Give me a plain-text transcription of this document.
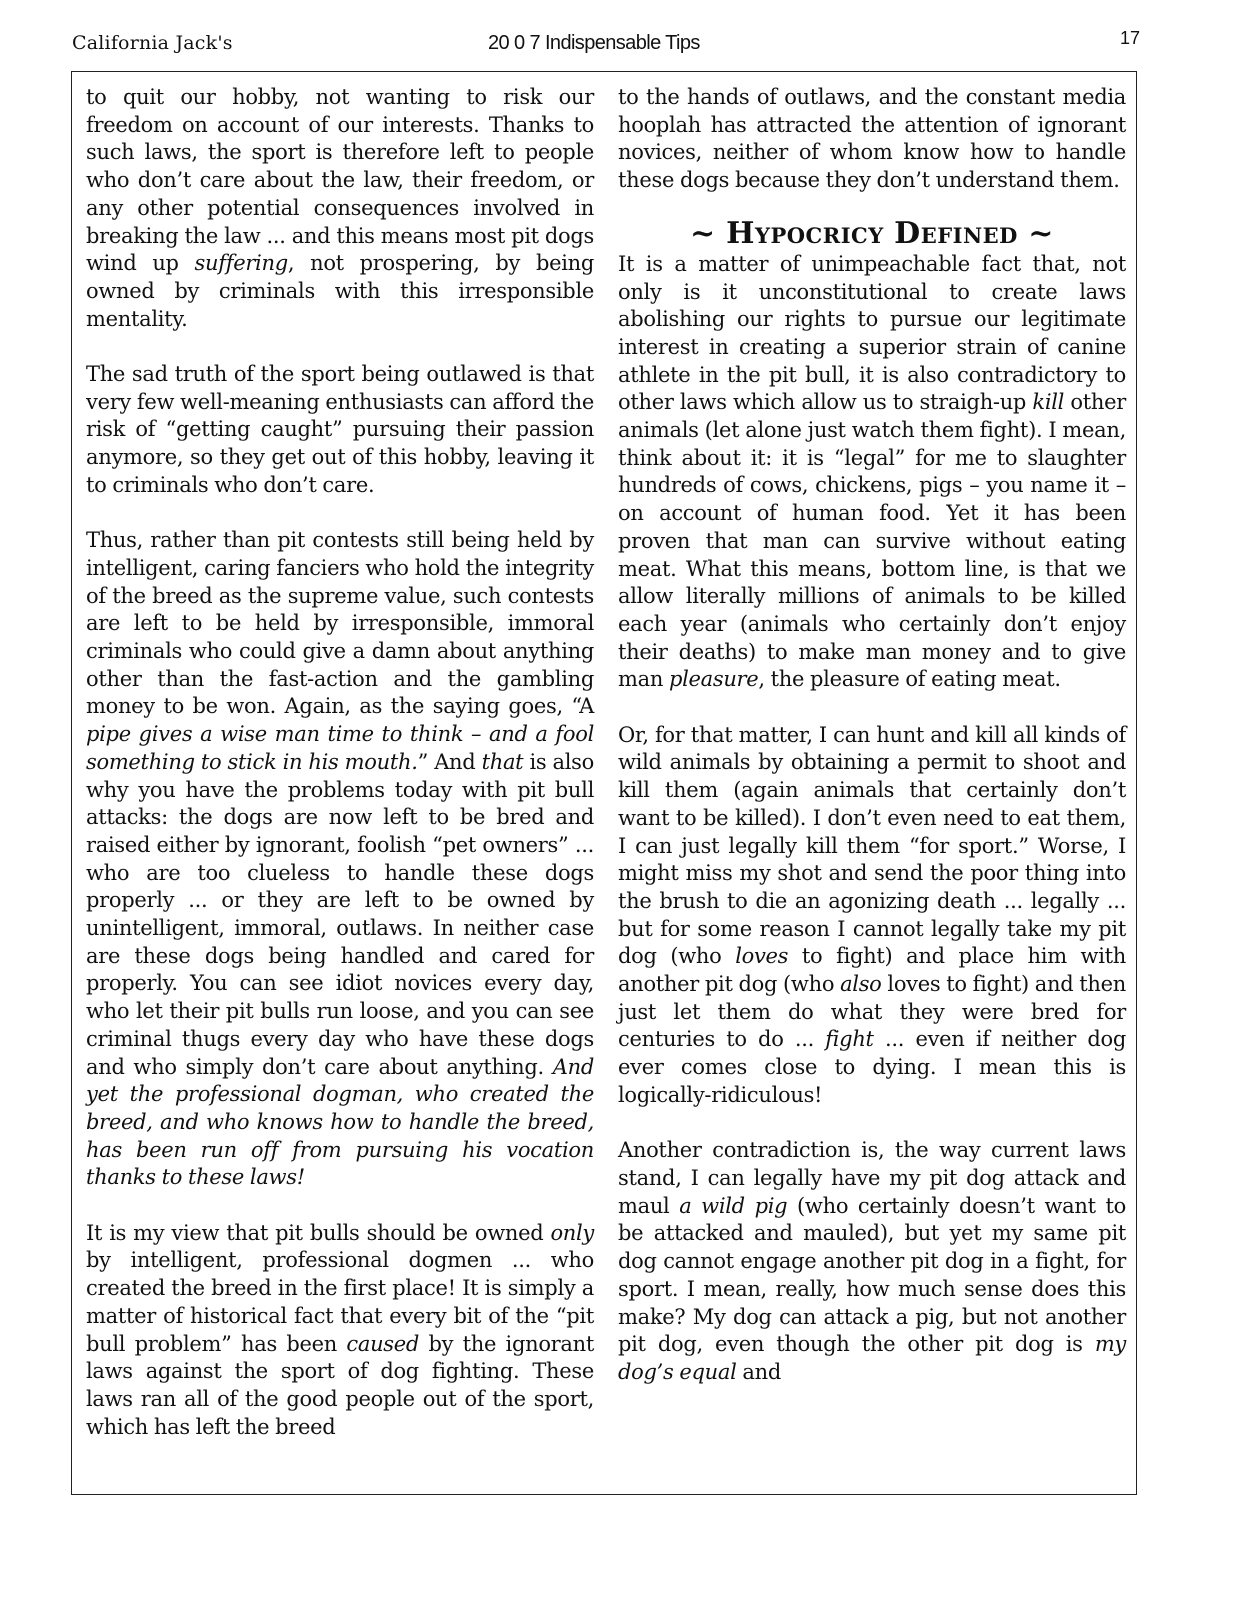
California Jack's	20 0 7 Indispensable Tips	17

to quit our hobby, not wanting to risk our freedom on account of our interests. Thanks to such laws, the sport is therefore left to people who don’t care about the law, their freedom, or any other potential consequences involved in breaking the law ... and this means most pit dogs wind up suffering, not prospering, by being owned by criminals with this irresponsible mentality.

The sad truth of the sport being outlawed is that very few well-meaning enthusiasts can afford the risk of “getting caught” pursuing their passion anymore, so they get out of this hobby, leaving it to criminals who don’t care.

Thus, rather than pit contests still being held by intelligent, caring fanciers who hold the integrity of the breed as the supreme value, such contests are left to be held by irresponsible, immoral criminals who could give a damn about anything other than the fast-action and the gambling money to be won. Again, as the saying goes, “A pipe gives a wise man time to think – and a fool something to stick in his mouth.” And that is also why you have the problems today with pit bull attacks: the dogs are now left to be bred and raised either by ignorant, foolish “pet owners” ... who are too clueless to handle these dogs properly ... or they are left to be owned by unintelligent, immoral, outlaws. In neither case are these dogs being handled and cared for properly. You can see idiot novices every day, who let their pit bulls run loose, and you can see criminal thugs every day who have these dogs and who simply don’t care about anything. And yet the professional dogman, who created the breed, and who knows how to handle the breed, has been run off from pursuing his vocation thanks to these laws!

It is my view that pit bulls should be owned only by intelligent, professional dogmen ... who created the breed in the first place! It is simply a matter of historical fact that every bit of the “pit bull problem” has been caused by the ignorant laws against the sport of dog fighting. These laws ran all of the good people out of the sport, which has left the breed

to the hands of outlaws, and the constant media hooplah has attracted the attention of ignorant novices, neither of whom know how to handle these dogs because they don’t understand them.

~ Hypocricy Defined ~

It is a matter of unimpeachable fact that, not only is it unconstitutional to create laws abolishing our rights to pursue our legitimate interest in creating a superior strain of canine athlete in the pit bull, it is also contradictory to other laws which allow us to straigh-up kill other animals (let alone just watch them fight). I mean, think about it: it is “legal” for me to slaughter hundreds of cows, chickens, pigs – you name it – on account of human food. Yet it has been proven that man can survive without eating meat. What this means, bottom line, is that we allow literally millions of animals to be killed each year (animals who certainly don’t enjoy their deaths) to make man money and to give man pleasure, the pleasure of eating meat.

Or, for that matter, I can hunt and kill all kinds of wild animals by obtaining a permit to shoot and kill them (again animals that certainly don’t want to be killed). I don’t even need to eat them, I can just legally kill them “for sport.” Worse, I might miss my shot and send the poor thing into the brush to die an agonizing death ... legally ... but for some reason I cannot legally take my pit dog (who loves to fight) and place him with another pit dog (who also loves to fight) and then just let them do what they were bred for centuries to do ... fight ... even if neither dog ever comes close to dying. I mean this is logically-ridiculous!

Another contradiction is, the way current laws stand, I can legally have my pit dog attack and maul a wild pig (who certainly doesn’t want to be attacked and mauled), but yet my same pit dog cannot engage another pit dog in a fight, for sport. I mean, really, how much sense does this make? My dog can attack a pig, but not another pit dog, even though the other pit dog is my dog’s equal and
